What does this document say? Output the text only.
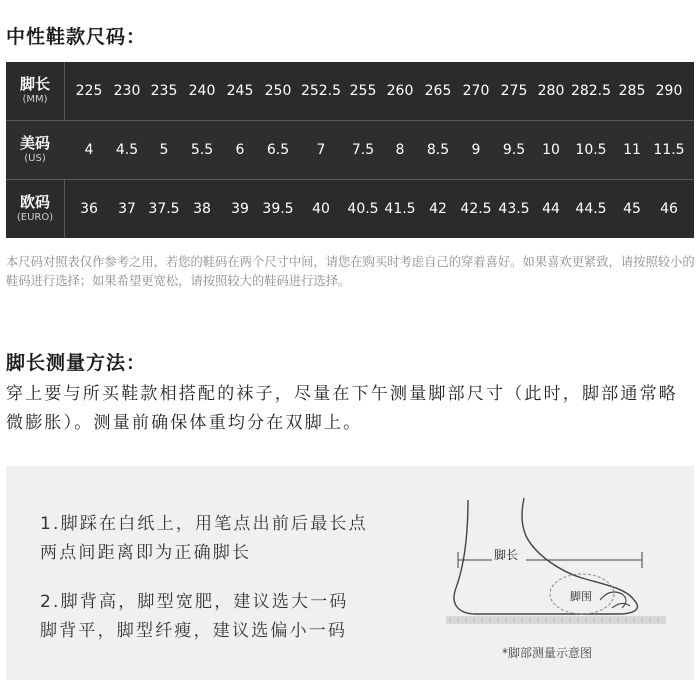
中性鞋款尺码：
脚长
(MM)
225 230 235 240 245 250 252.5 255 260 265 270 275 280 282.5 285 290
美码
(US)
4 4.5 5 5.5 6 6.5 7 7.5 8 8.5 9 9.5 10 10.5 11 11.5
欧码
(EURO)
36 37 37.5 38 39 39.5 40 40.5 41.5 42 42.5 43.5 44 44.5 45 46
本尺码对照表仅作参考之用，若您的鞋码在两个尺寸中间，请您在购买时考虑自己的穿着喜好。如果喜欢更紧致，请按照较小的鞋码进行选择；如果希望更宽松，请按照较大的鞋码进行选择。
脚长测量方法：
穿上要与所买鞋款相搭配的袜子，尽量在下午测量脚部尺寸（此时，脚部通常略微膨胀）。测量前确保体重均分在双脚上。
1.脚踩在白纸上，用笔点出前后最长点
两点间距离即为正确脚长
2.脚背高，脚型宽肥，建议选大一码
脚背平，脚型纤瘦，建议选偏小一码
脚长
脚围
*脚部测量示意图
